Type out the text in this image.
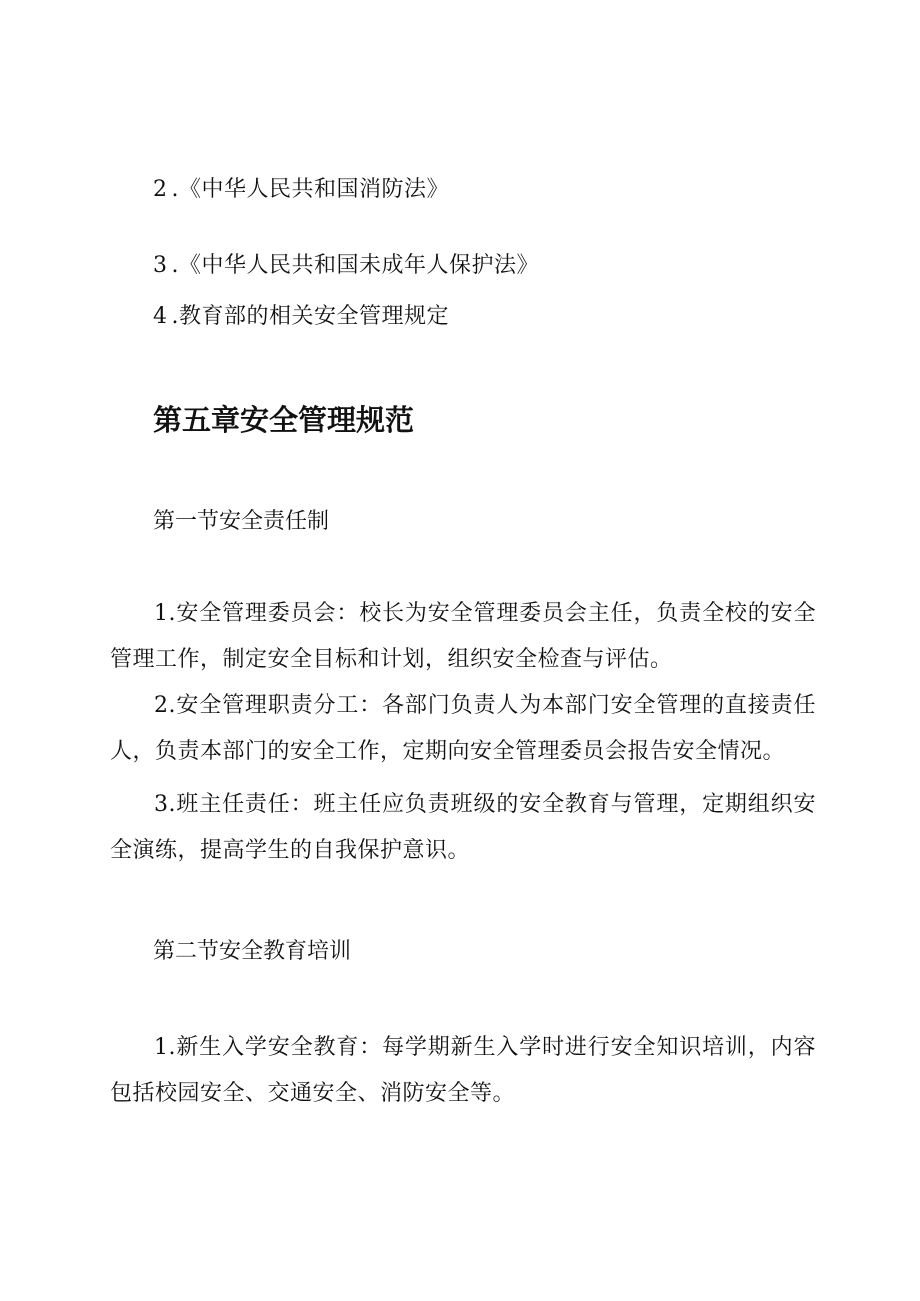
2 .《中华人民共和国消防法》
3 .《中华人民共和国未成年人保护法》
4 .教育部的相关安全管理规定
第五章安全管理规范
第一节安全责任制
1.安全管理委员会：校长为安全管理委员会主任，负责全校的安全管理工作，制定安全目标和计划，组织安全检查与评估。
2.安全管理职责分工：各部门负责人为本部门安全管理的直接责任人，负责本部门的安全工作，定期向安全管理委员会报告安全情况。
3.班主任责任：班主任应负责班级的安全教育与管理，定期组织安全演练，提高学生的自我保护意识。
第二节安全教育培训
1.新生入学安全教育：每学期新生入学时进行安全知识培训，内容包括校园安全、交通安全、消防安全等。
